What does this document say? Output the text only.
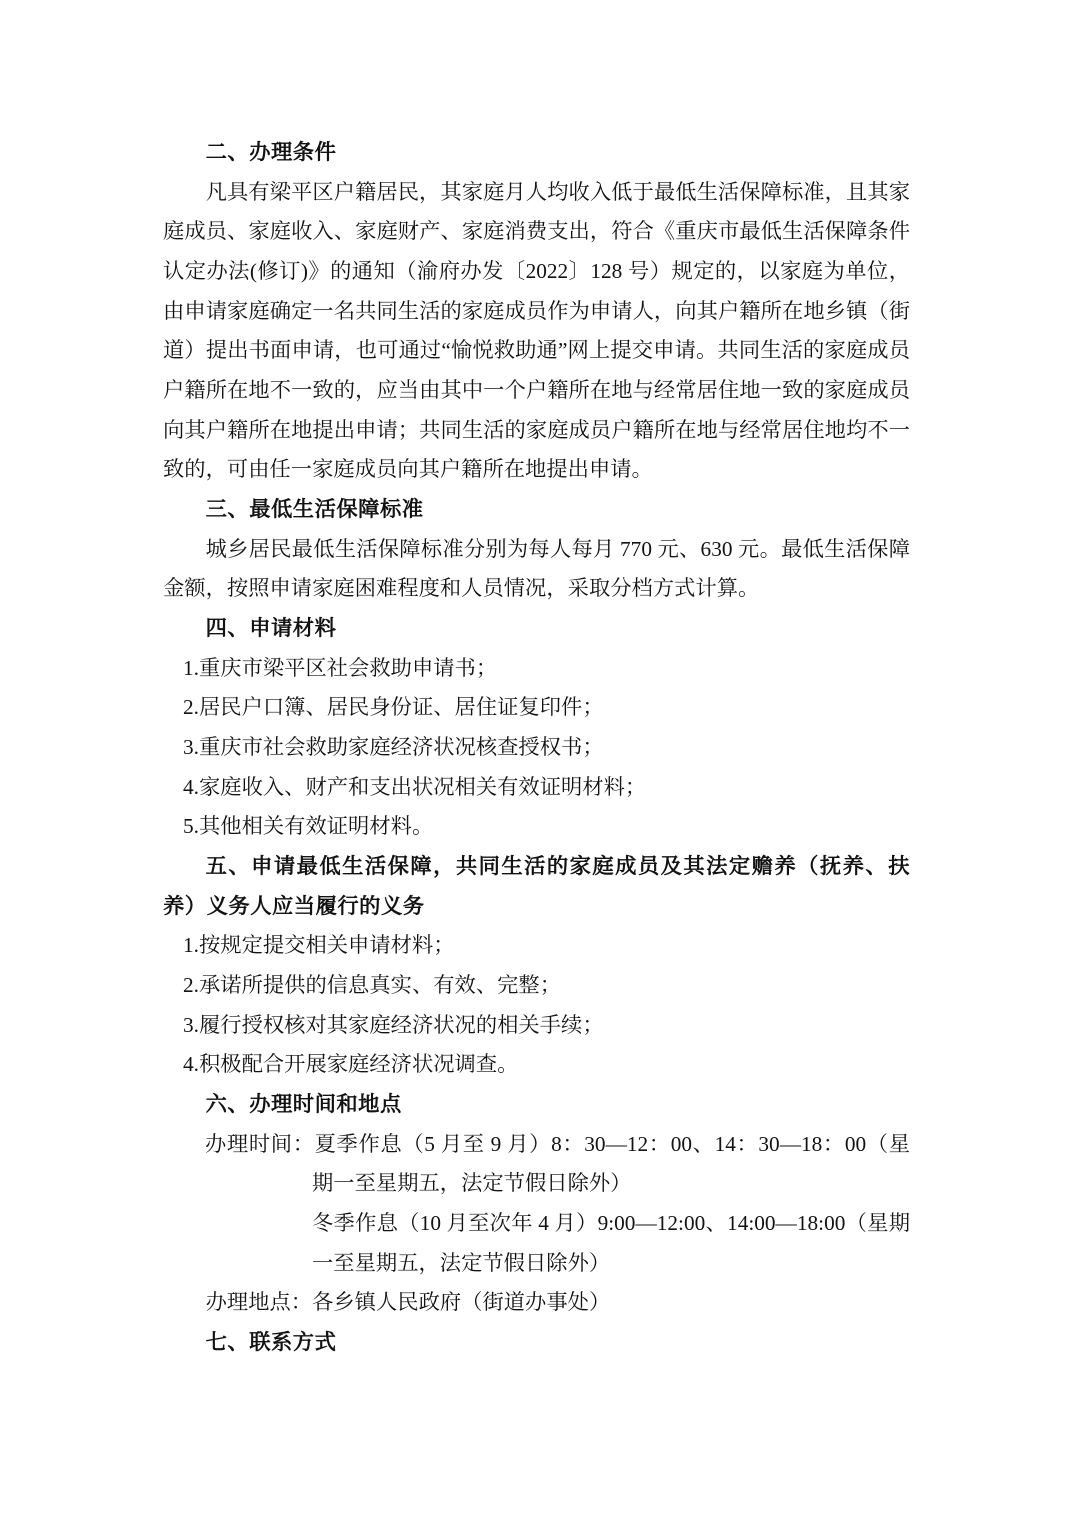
二、办理条件
凡具有梁平区户籍居民，其家庭月人均收入低于最低生活保障标准，且其家庭成员、家庭收入、家庭财产、家庭消费支出，符合《重庆市最低生活保障条件认定办法(修订)》的通知（渝府办发〔2022〕128 号）规定的，以家庭为单位，由申请家庭确定一名共同生活的家庭成员作为申请人，向其户籍所在地乡镇（街道）提出书面申请，也可通过“愉悦救助通”网上提交申请。共同生活的家庭成员户籍所在地不一致的，应当由其中一个户籍所在地与经常居住地一致的家庭成员向其户籍所在地提出申请；共同生活的家庭成员户籍所在地与经常居住地均不一致的，可由任一家庭成员向其户籍所在地提出申请。
三、最低生活保障标准
城乡居民最低生活保障标准分别为每人每月 770 元、630 元。最低生活保障金额，按照申请家庭困难程度和人员情况，采取分档方式计算。
四、申请材料
1.重庆市梁平区社会救助申请书；
2.居民户口簿、居民身份证、居住证复印件；
3.重庆市社会救助家庭经济状况核查授权书；
4.家庭收入、财产和支出状况相关有效证明材料；
5.其他相关有效证明材料。
五、申请最低生活保障，共同生活的家庭成员及其法定赡养（抚养、扶养）义务人应当履行的义务
1.按规定提交相关申请材料；
2.承诺所提供的信息真实、有效、完整；
3.履行授权核对其家庭经济状况的相关手续；
4.积极配合开展家庭经济状况调查。
六、办理时间和地点
办理时间：夏季作息（5 月至 9 月）8：30—12：00、14：30—18：00（星期一至星期五，法定节假日除外）
冬季作息（10 月至次年 4 月）9:00—12:00、14:00—18:00（星期一至星期五，法定节假日除外）
办理地点：各乡镇人民政府（街道办事处）
七、联系方式
